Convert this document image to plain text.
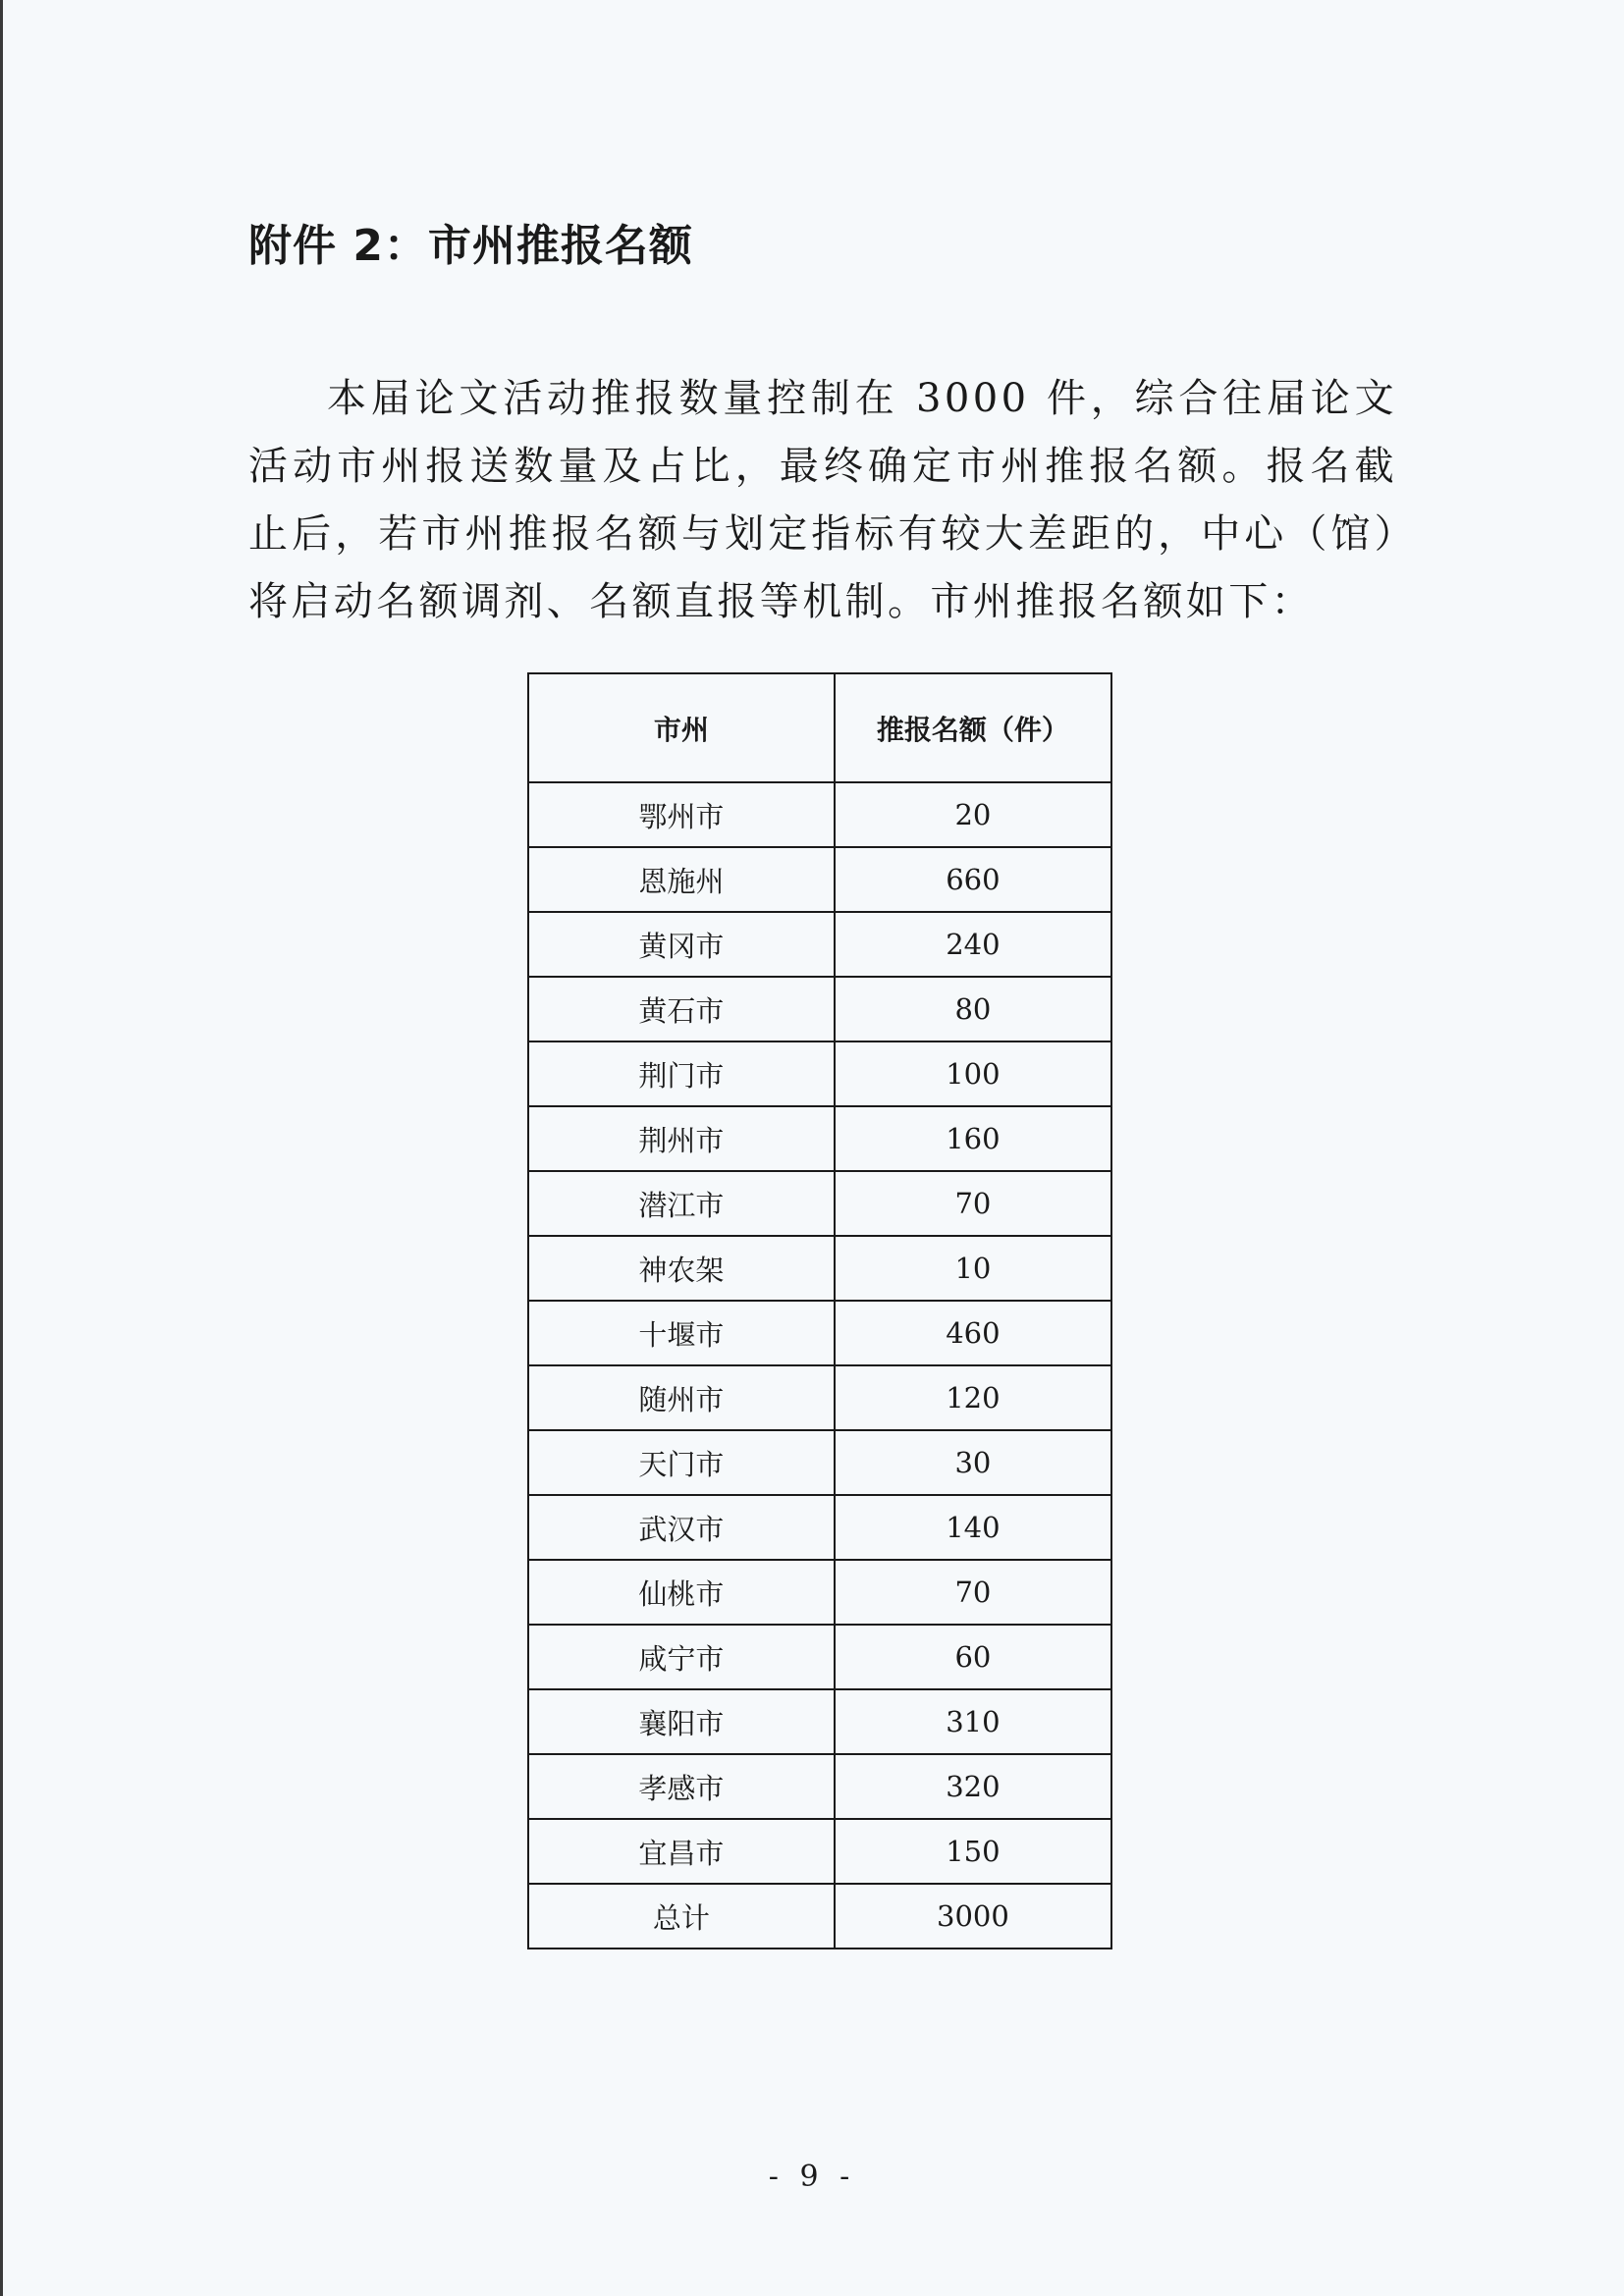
附件 2：市州推报名额

本届论文活动推报数量控制在 3000 件，综合往届论文活动市州报送数量及占比，最终确定市州推报名额。报名截止后，若市州推报名额与划定指标有较大差距的，中心（馆）将启动名额调剂、名额直报等机制。市州推报名额如下：

市州	推报名额（件）
鄂州市	20
恩施州	660
黄冈市	240
黄石市	80
荆门市	100
荆州市	160
潜江市	70
神农架	10
十堰市	460
随州市	120
天门市	30
武汉市	140
仙桃市	70
咸宁市	60
襄阳市	310
孝感市	320
宜昌市	150
总计	3000
- 9 -
